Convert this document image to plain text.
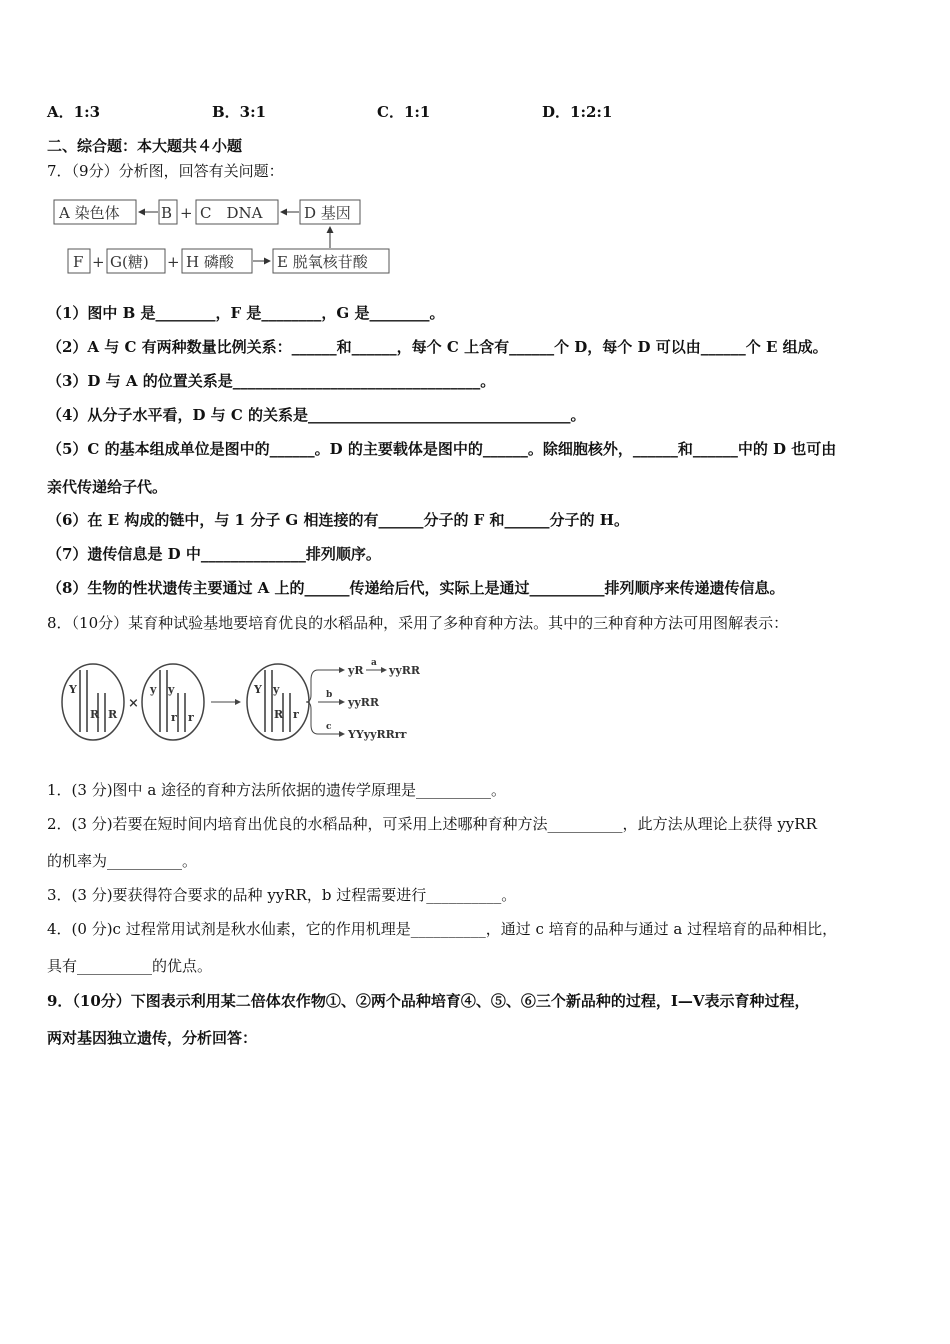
A．1:3	B．3:1	C．1:1	D．1:2:1
二、综合题：本大题共４小题
7．（9分）分析图，回答有关问题：
A 染色体	B + C　DNA	D 基因
F + G(糖) + H 磷酸	E 脱氧核苷酸
（1）图中 B 是________，F 是________，G 是________。
（2）A 与 C 有两种数量比例关系：______和______，每个 C 上含有______个 D，每个 D 可以由______个 E 组成。
（3）D 与 A 的位置关系是_________________________________。
（4）从分子水平看，D 与 C 的关系是___________________________________。
（5）C 的基本组成单位是图中的______。D 的主要载体是图中的______。除细胞核外，______和______中的 D 也可由
亲代传递给子代。
（6）在 E 构成的链中，与 1 分子 G 相连接的有______分子的 F 和______分子的 H。
（7）遗传信息是 D 中______________排列顺序。
（8）生物的性状遗传主要通过 A 上的______传递给后代，实际上是通过__________排列顺序来传递遗传信息。
8．（10分）某育种试验基地要培育优良的水稻品种，采用了多种育种方法。其中的三种育种方法可用图解表示：
Y
R R
y y
r r
×
Y y
R r
yR
a
yyRR
b
yyRR
c
YYyyRRrr
1．(3 分)图中 a 途径的育种方法所依据的遗传学原理是__________。
2．(3 分)若要在短时间内培育出优良的水稻品种，可采用上述哪种育种方法__________，此方法从理论上获得 yyRR
的机率为__________。
3．(3 分)要获得符合要求的品种 yyRR，b 过程需要进行__________。
4．(0 分)c 过程常用试剂是秋水仙素，它的作用机理是__________，通过 c 培育的品种与通过 a 过程培育的品种相比，
具有__________的优点。
9．（10分）下图表示利用某二倍体农作物①、②两个品种培育④、⑤、⑥三个新品种的过程，Ⅰ—Ⅴ表示育种过程，
两对基因独立遗传，分析回答：
